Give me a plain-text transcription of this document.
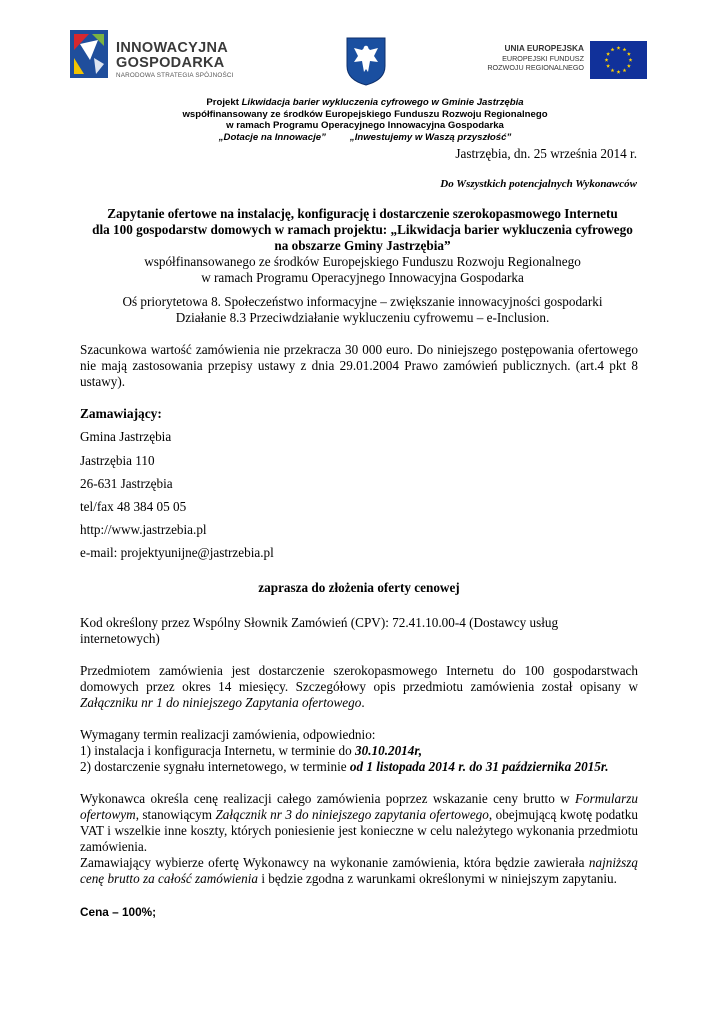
INNOWACYJNA
GOSPODARKA
NARODOWA STRATEGIA SPÓJNOŚCI
UNIA EUROPEJSKA
EUROPEJSKI FUNDUSZ
ROZWOJU REGIONALNEGO
Projekt Likwidacja barier wykluczenia cyfrowego w Gminie Jastrzębia
współfinansowany ze środków Europejskiego Funduszu Rozwoju Regionalnego
w ramach Programu Operacyjnego Innowacyjna Gospodarka
„Dotacje na Innowacje”	„Inwestujemy w Waszą przyszłość”
Jastrzębia, dn. 25 września 2014 r.
Do Wszystkich potencjalnych Wykonawców
Zapytanie ofertowe na instalację, konfigurację i dostarczenie szerokopasmowego Internetu
dla 100 gospodarstw domowych w ramach projektu: „Likwidacja barier wykluczenia cyfrowego
na obszarze Gminy Jastrzębia”
współfinansowanego ze środków Europejskiego Funduszu Rozwoju Regionalnego
w ramach Programu Operacyjnego Innowacyjna Gospodarka
Oś priorytetowa 8. Społeczeństwo informacyjne – zwiększanie innowacyjności gospodarki
Działanie 8.3 Przeciwdziałanie wykluczeniu cyfrowemu – e-Inclusion.
Szacunkowa wartość zamówienia nie przekracza 30 000 euro. Do niniejszego postępowania ofertowego nie mają zastosowania przepisy ustawy z dnia 29.01.2004 Prawo zamówień publicznych. (art.4 pkt 8 ustawy).
Zamawiający:
Gmina Jastrzębia
Jastrzębia 110
26-631 Jastrzębia
tel/fax 48 384 05 05
http://www.jastrzebia.pl
e-mail: projektyunijne@jastrzebia.pl
zaprasza do złożenia oferty cenowej
Kod określony przez Wspólny Słownik Zamówień (CPV): 72.41.10.00-4 (Dostawcy usług internetowych)
Przedmiotem zamówienia jest dostarczenie szerokopasmowego Internetu do 100 gospodarstwach domowych przez okres 14 miesięcy. Szczegółowy opis przedmiotu zamówienia został opisany w Załączniku nr 1 do niniejszego Zapytania ofertowego.
Wymagany termin realizacji zamówienia, odpowiednio:
1) instalacja i konfiguracja Internetu, w terminie do 30.10.2014r,
2) dostarczenie sygnału internetowego, w terminie od 1 listopada 2014 r. do 31 października 2015r.
Wykonawca określa cenę realizacji całego zamówienia poprzez wskazanie ceny brutto w Formularzu ofertowym, stanowiącym Załącznik nr 3 do niniejszego zapytania ofertowego, obejmującą kwotę podatku VAT i wszelkie inne koszty, których poniesienie jest konieczne w celu należytego wykonania przedmiotu zamówienia.
Zamawiający wybierze ofertę Wykonawcy na wykonanie zamówienia, która będzie zawierała najniższą cenę brutto za całość zamówienia i będzie zgodna z warunkami określonymi w niniejszym zapytaniu.
Cena – 100%;
